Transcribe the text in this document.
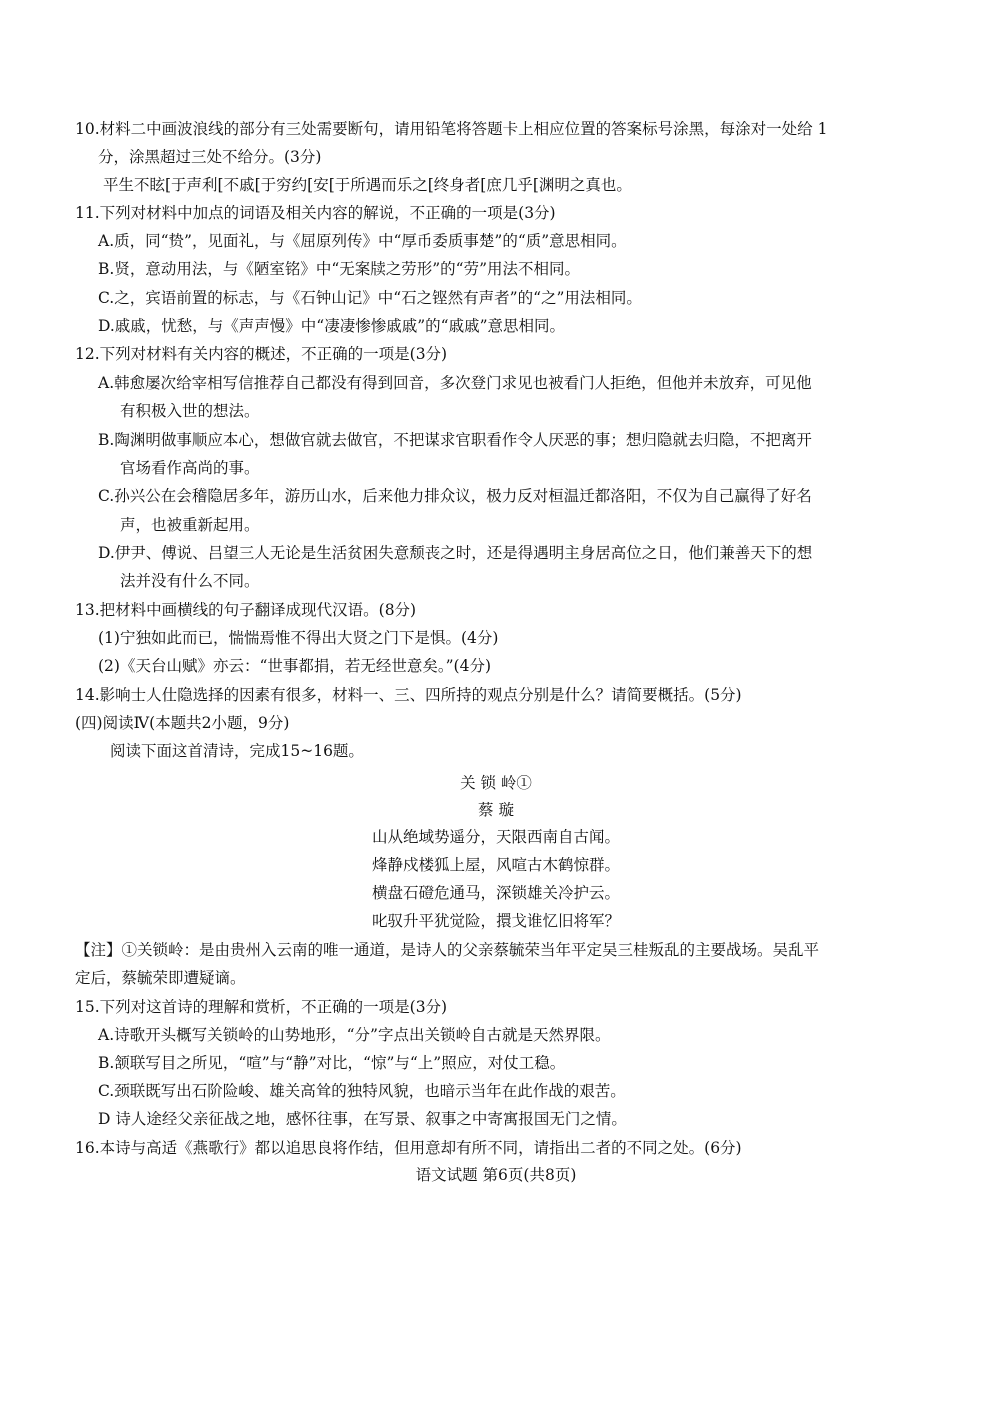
10.材料二中画波浪线的部分有三处需要断句，请用铅笔将答题卡上相应位置的答案标号涂黑，每涂对一处给 1
分，涂黑超过三处不给分。(3分)
平生不眩[于声利[不戚[于穷约[安[于所遇而乐之[终身者[庶几乎[渊明之真也。
11.下列对材料中加点的词语及相关内容的解说，不正确的一项是(3分)
A.质，同“贽”，见面礼，与《屈原列传》中“厚币委质事楚”的“质”意思相同。
B.贤，意动用法，与《陋室铭》中“无案牍之劳形”的“劳”用法不相同。
C.之，宾语前置的标志，与《石钟山记》中“石之铿然有声者”的“之”用法相同。
D.戚戚，忧愁，与《声声慢》中“凄凄惨惨戚戚”的“戚戚”意思相同。
12.下列对材料有关内容的概述，不正确的一项是(3分)
A.韩愈屡次给宰相写信推荐自己都没有得到回音，多次登门求见也被看门人拒绝，但他并未放弃，可见他
有积极入世的想法。
B.陶渊明做事顺应本心，想做官就去做官，不把谋求官职看作令人厌恶的事；想归隐就去归隐，不把离开
官场看作高尚的事。
C.孙兴公在会稽隐居多年，游历山水，后来他力排众议，极力反对桓温迁都洛阳，不仅为自己赢得了好名
声，也被重新起用。
D.伊尹、傅说、吕望三人无论是生活贫困失意颓丧之时，还是得遇明主身居高位之日，他们兼善天下的想
法并没有什么不同。
13.把材料中画横线的句子翻译成现代汉语。(8分)
(1)宁独如此而已，惴惴焉惟不得出大贤之门下是惧。(4分)
(2)《天台山赋》亦云：“世事都捐，若无经世意矣。”(4分)
14.影响士人仕隐选择的因素有很多，材料一、三、四所持的观点分别是什么？请简要概括。(5分)
(四)阅读Ⅳ(本题共2小题，9分)
阅读下面这首清诗，完成15~16题。
关 锁 岭①
蔡 璇
山从绝域势遥分，天限西南自古闻。
烽静戍楼狐上屋，风喧古木鹤惊群。
横盘石磴危通马，深锁雄关冷护云。
叱驭升平犹觉险，擐戈谁忆旧将军？
【注】①关锁岭：是由贵州入云南的唯一通道，是诗人的父亲蔡毓荣当年平定吴三桂叛乱的主要战场。吴乱平
定后，蔡毓荣即遭疑谪。
15.下列对这首诗的理解和赏析，不正确的一项是(3分)
A.诗歌开头概写关锁岭的山势地形，“分”字点出关锁岭自古就是天然界限。
B.颔联写目之所见，“喧”与“静”对比，“惊”与“上”照应，对仗工稳。
C.颈联既写出石阶险峻、雄关高耸的独特风貌，也暗示当年在此作战的艰苦。
D 诗人途经父亲征战之地，感怀往事，在写景、叙事之中寄寓报国无门之情。
16.本诗与高适《燕歌行》都以追思良将作结，但用意却有所不同，请指出二者的不同之处。(6分)
语文试题 第6页(共8页)
